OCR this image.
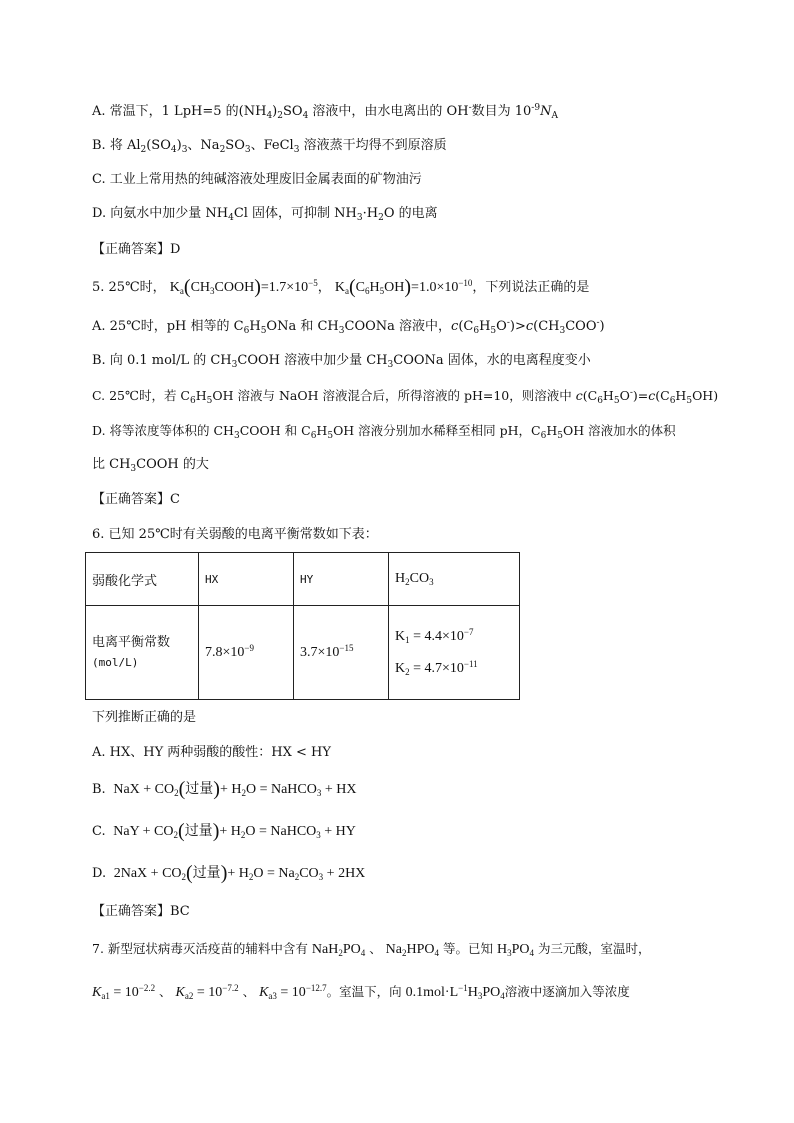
A. 常温下，1 LpH=5 的$(NH_4)_2SO_4$ 溶液中，由水电离出的 OH-数目为 $10^{-9}N_A$
B. 将 $Al_2(SO_4)_3$、$Na_2SO_3$、FeCl$_3$ 溶液蒸干均得不到原溶质
C. 工业上常用热的纯碱溶液处理废旧金属表面的矿物油污
D. 向氨水中加少量 $NH_4Cl$ 固体，可抑制 $NH_3\cdot H_2O$ 的电离
【正确答案】D
5. 25℃时， $K_a(CH_3COOH)=1.7\times 10^{-5}$， $K_a(C_6H_5OH)=1.0\times 10^{-10}$，下列说法正确的是
A. 25℃时，pH 相等的 $C_6H_5ONa$ 和 $CH_3COONa$ 溶液中，$c(C_6H_5O^-)>c(CH_3COO^-)$
B. 向 0.1 mol/L 的 $CH_3COOH$ 溶液中加少量 $CH_3COONa$ 固体，水的电离程度变小
C. 25℃时，若 $C_6H_5OH$ 溶液与 NaOH 溶液混合后，所得溶液的 pH=10，则溶液中 $c(C_6H_5O^-)=c(C_6H_5OH)$
D. 将等浓度等体积的 $CH_3COOH$ 和 $C_6H_5OH$ 溶液分别加水稀释至相同 pH，$C_6H_5OH$ 溶液加水的体积
比 $CH_3COOH$ 的大
【正确答案】C
6. 已知 25℃时有关弱酸的电离平衡常数如下表：
弱酸化学式	HX	HY	$H_2CO_3$

电离平衡常数
(mol/L)	$7.8\times 10^{-9}$	$3.7\times 10^{-15}$	$K_1 = 4.4\times 10^{-7}$
$K_2 = 4.7\times 10^{-11}$
下列推断正确的是
A. HX、HY 两种弱酸的酸性：HX < HY
B.  NaX + $CO_2$(过量)+ $H_2O$ = NaHCO$_3$ + HX
C.  NaY + $CO_2$(过量)+ $H_2O$ = NaHCO$_3$ + HY
D.  $2NaX + CO_2$(过量)+ $H_2O = Na_2CO_3 + 2HX$
【正确答案】BC
7. 新型冠状病毒灭活疫苗的辅料中含有 $NaH_2PO_4$ 、 $Na_2HPO_4$ 等。已知 $H_3PO_4$ 为三元酸，室温时，
$K_{a1} = 10^{-2.2}$ 、 $K_{a2} = 10^{-7.2}$ 、 $K_{a3} = 10^{-12.7}$。室温下，向 $0.1mol\cdot L^{-1}H_3PO_4$溶液中逐滴加入等浓度
